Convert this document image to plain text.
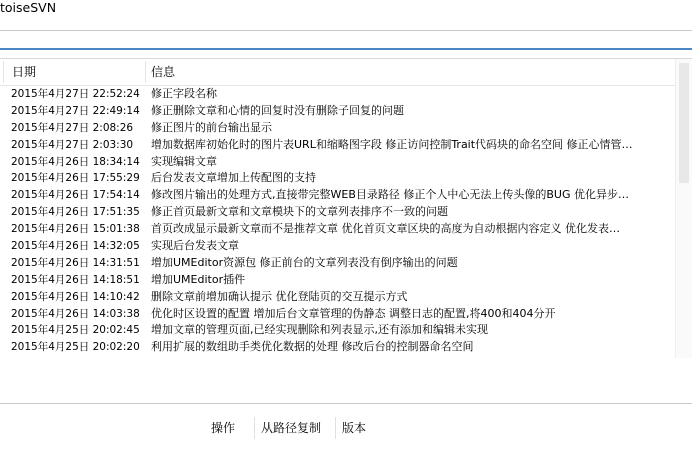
toiseSVN
日期	信息
2015年4月27日 22:52:24	修正字段名称
2015年4月27日 22:49:14	修正删除文章和心情的回复时没有删除子回复的问题
2015年4月27日 2:08:26	修正图片的前台输出显示
2015年4月27日 2:03:30	增加数据库初始化时的图片表URL和缩略图字段 修正访问控制Trait代码块的命名空间 修正心情管…
2015年4月26日 18:34:14	实现编辑文章
2015年4月26日 17:55:29	后台发表文章增加上传配图的支持
2015年4月26日 17:54:14	修改图片输出的处理方式,直接带完整WEB目录路径 修正个人中心无法上传头像的BUG 优化异步…
2015年4月26日 17:51:35	修正首页最新文章和文章模块下的文章列表排序不一致的问题
2015年4月26日 15:01:38	首页改成显示最新文章而不是推荐文章 优化首页文章区块的高度为自动根据内容定义 优化发表…
2015年4月26日 14:32:05	实现后台发表文章
2015年4月26日 14:31:51	增加UMEditor资源包 修正前台的文章列表没有倒序输出的问题
2015年4月26日 14:18:51	增加UMEditor插件
2015年4月26日 14:10:42	删除文章前增加确认提示 优化登陆页的交互提示方式
2015年4月26日 14:03:38	优化时区设置的配置 增加后台文章管理的伪静态 调整日志的配置,将400和404分开
2015年4月25日 20:02:45	增加文章的管理页面,已经实现删除和列表显示,还有添加和编辑未实现
2015年4月25日 20:02:20	利用扩展的数组助手类优化数据的处理 修改后台的控制器命名空间
操作	从路径复制	版本
